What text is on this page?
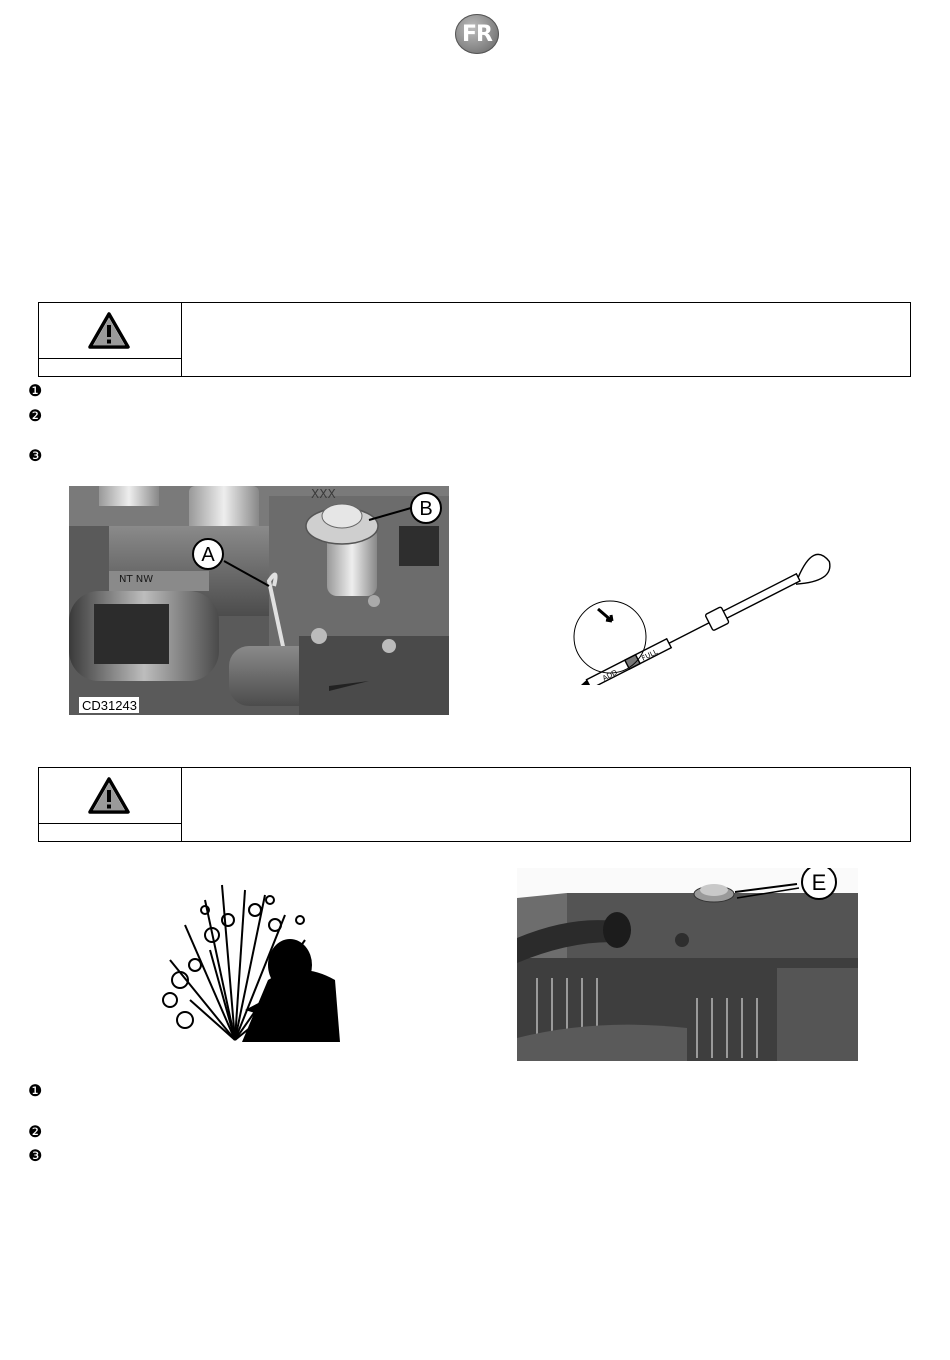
FR
❶
❷
❸
NT NW
XXX
A
B
CD31243
ADD
FULL
E
❶
❷
❸
